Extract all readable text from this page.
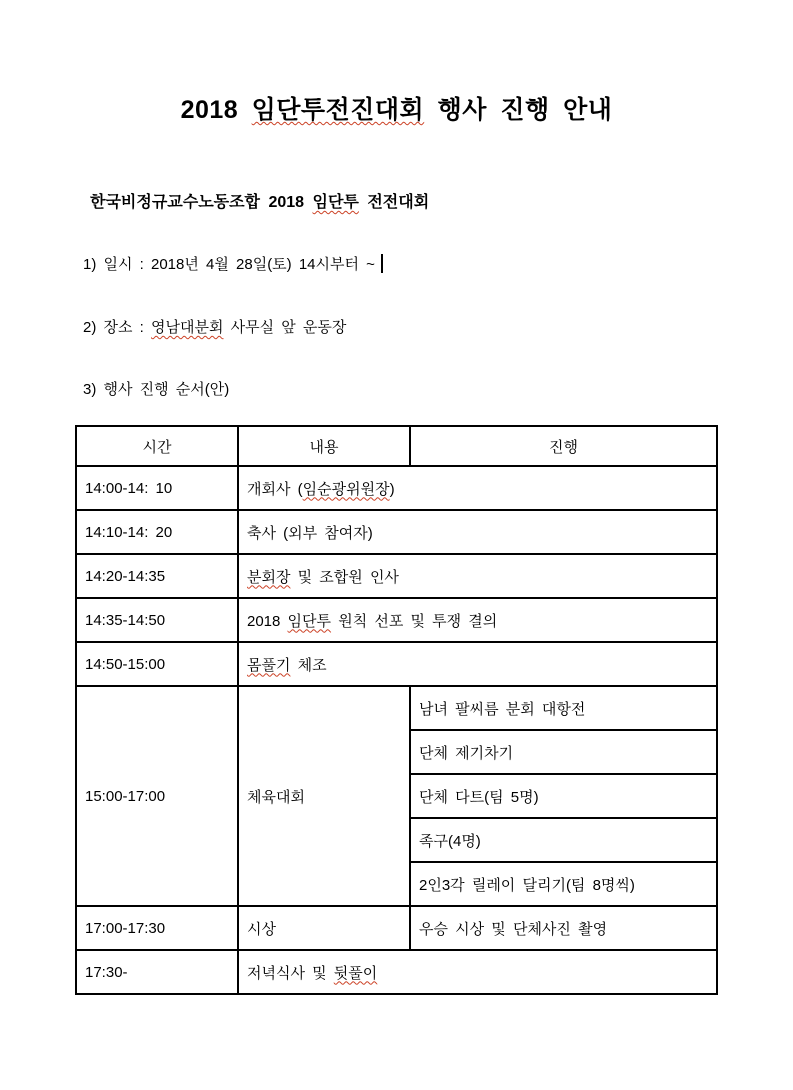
2018 임단투전진대회 행사 진행 안내
한국비정규교수노동조합 2018 임단투 전전대회
1) 일시 : 2018년 4월 28일(토) 14시부터 ~
2) 장소 : 영남대분회 사무실 앞 운동장
3) 행사 진행 순서(안)
시간	내용	진행
14:00-14: 10	개회사 (임순광위원장)	
14:10-14: 20	축사 (외부 참여자)	
14:20-14:35	분회장 및 조합원 인사	
14:35-14:50	2018 임단투 원칙 선포 및 투쟁 결의	
14:50-15:00	몸풀기 체조	
15:00-17:00	체육대회	남녀 팔씨름 분회 대항전
		단체 제기차기
		단체 다트(팀 5명)
		족구(4명)
		2인3각 릴레이 달리기(팀 8명씩)
17:00-17:30	시상	우승 시상 및 단체사진 촬영
17:30-	저녁식사 및 뒷풀이	
